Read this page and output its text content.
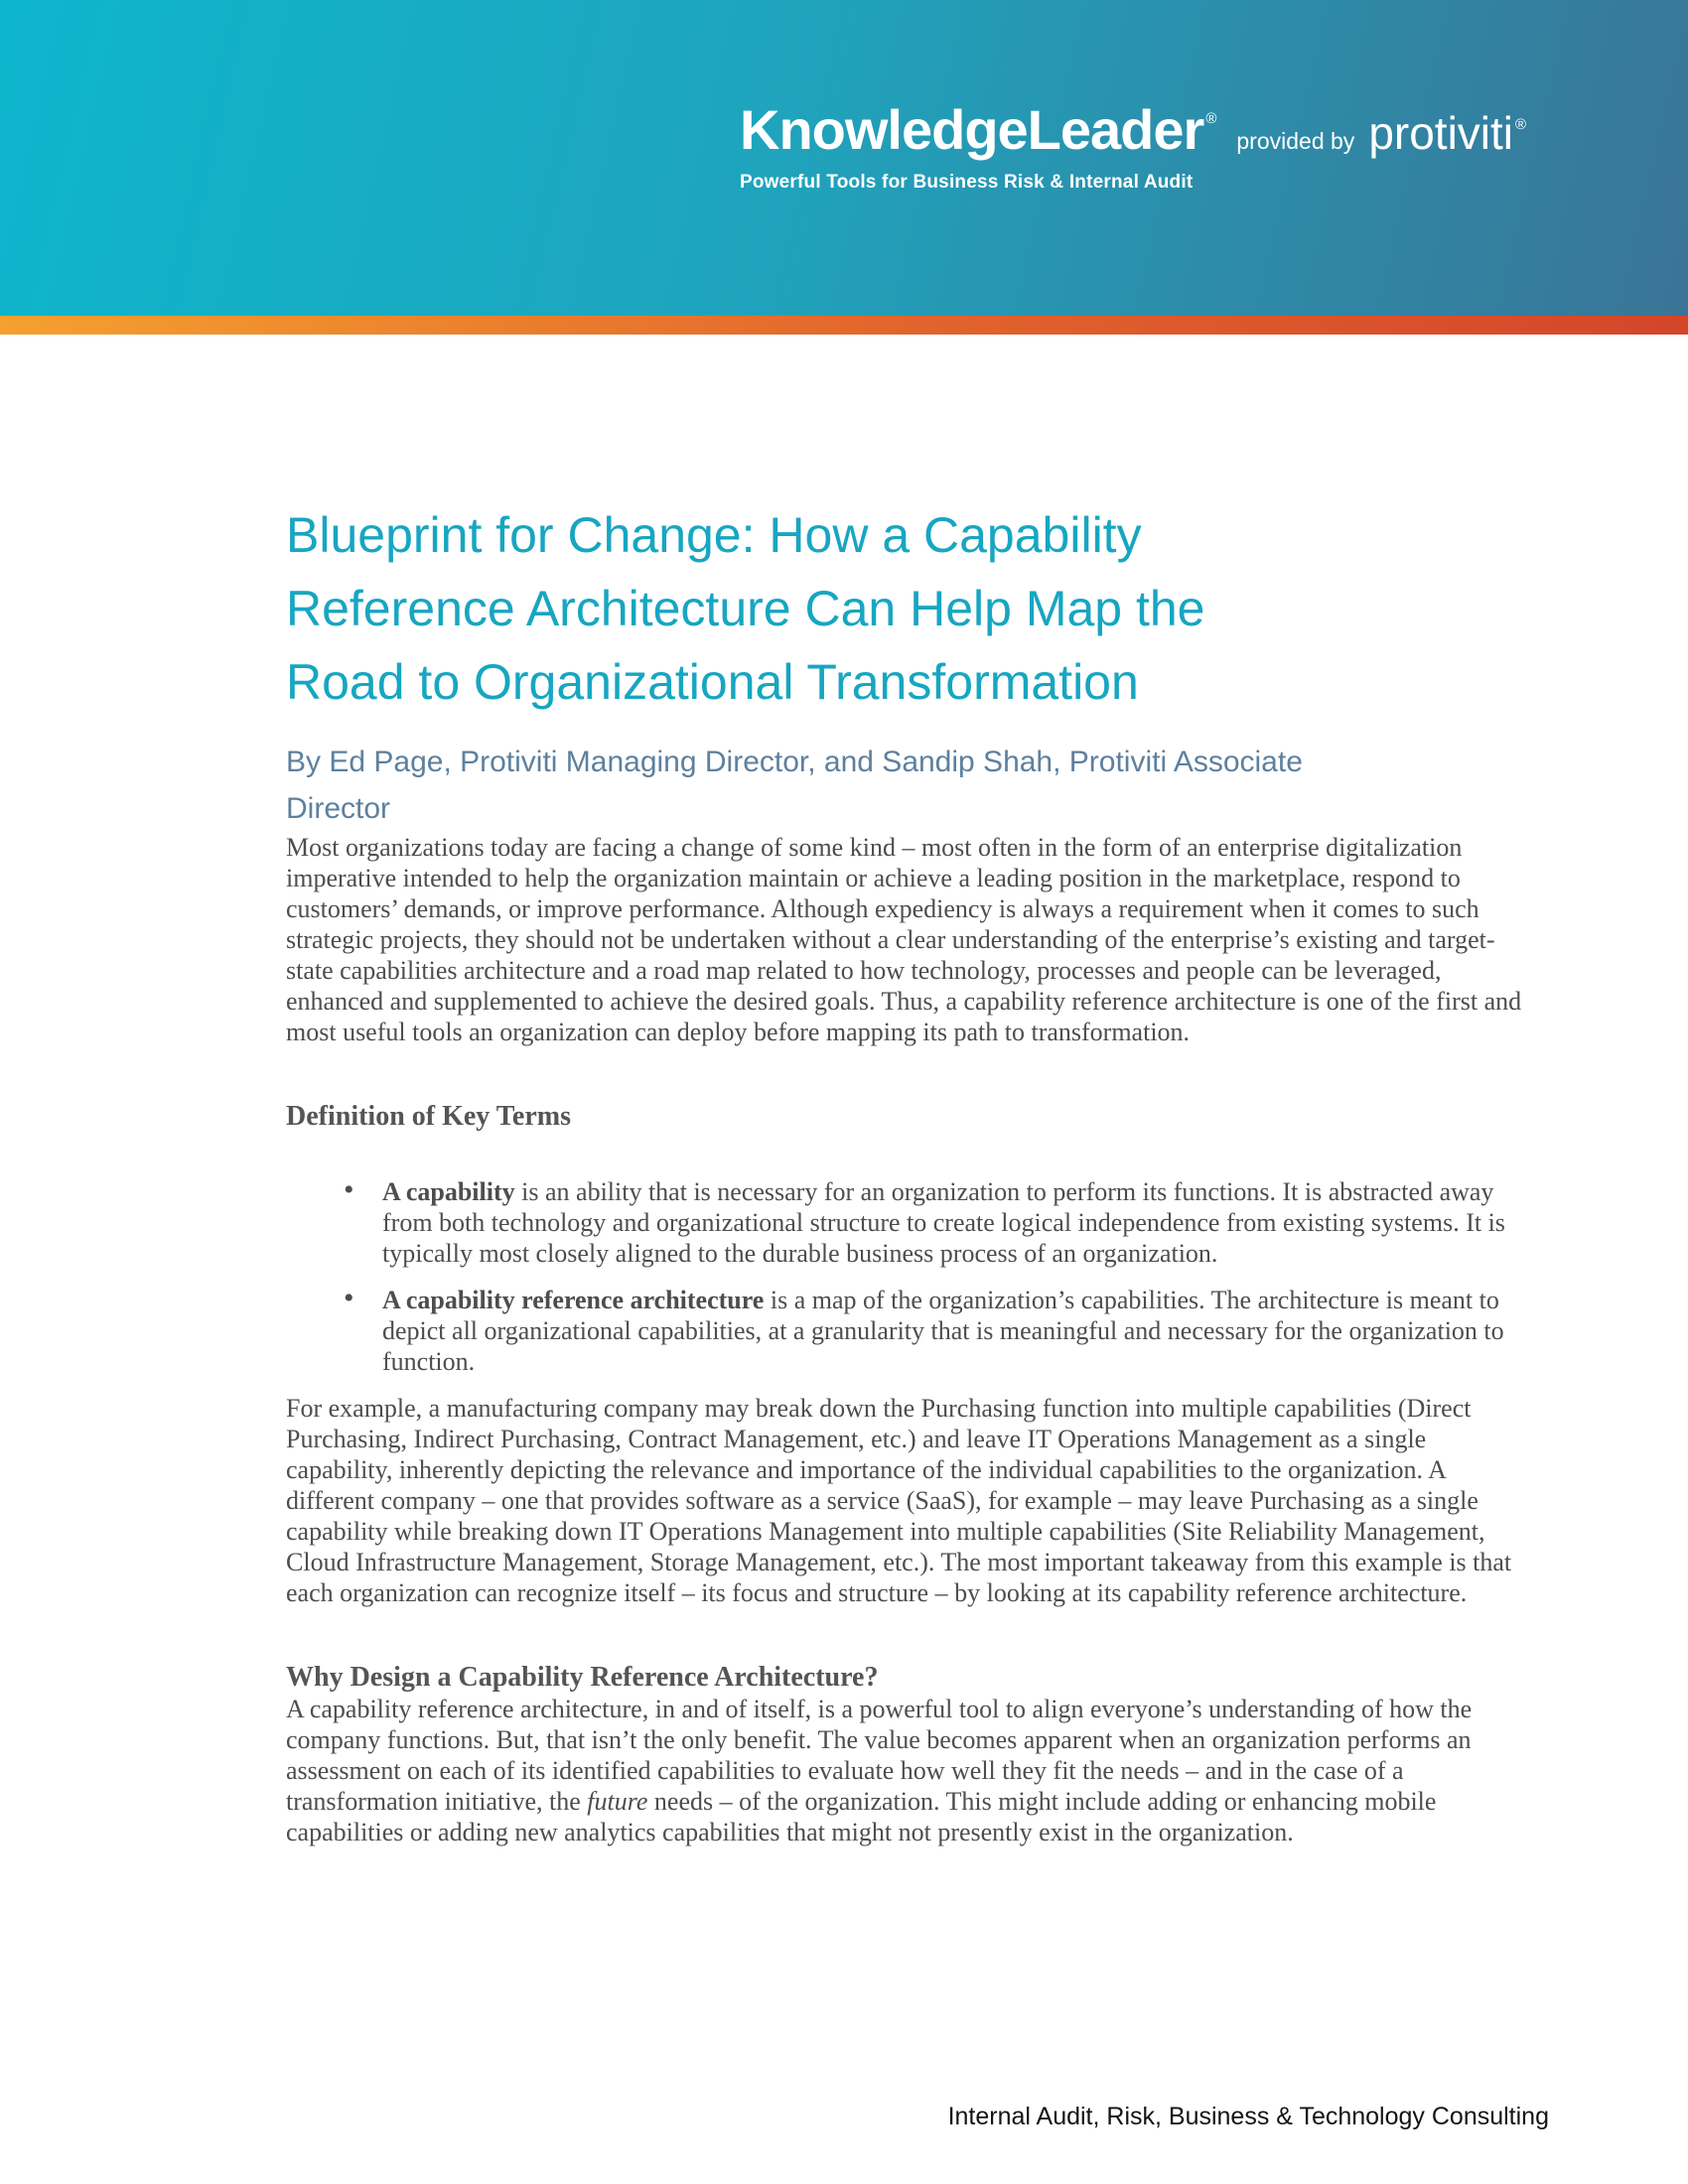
KnowledgeLeader ®
provided by protiviti ®
Powerful Tools for Business Risk & Internal Audit
Blueprint for Change: How a Capability
Reference Architecture Can Help Map the
Road to Organizational Transformation
By Ed Page, Protiviti Managing Director, and Sandip Shah, Protiviti Associate
Director

Most organizations today are facing a change of some kind – most often in the form of an enterprise digitalization imperative intended to help the organization maintain or achieve a leading position in the marketplace, respond to customers’ demands, or improve performance. Although expediency is always a requirement when it comes to such strategic projects, they should not be undertaken without a clear understanding of the enterprise’s existing and target-state capabilities architecture and a road map related to how technology, processes and people can be leveraged, enhanced and supplemented to achieve the desired goals. Thus, a capability reference architecture is one of the first and most useful tools an organization can deploy before mapping its path to transformation.

Definition of Key Terms
• A capability is an ability that is necessary for an organization to perform its functions. It is abstracted away from both technology and organizational structure to create logical independence from existing systems. It is typically most closely aligned to the durable business process of an organization.
• A capability reference architecture is a map of the organization’s capabilities. The architecture is meant to depict all organizational capabilities, at a granularity that is meaningful and necessary for the organization to function.

For example, a manufacturing company may break down the Purchasing function into multiple capabilities (Direct Purchasing, Indirect Purchasing, Contract Management, etc.) and leave IT Operations Management as a single capability, inherently depicting the relevance and importance of the individual capabilities to the organization. A different company – one that provides software as a service (SaaS), for example – may leave Purchasing as a single capability while breaking down IT Operations Management into multiple capabilities (Site Reliability Management, Cloud Infrastructure Management, Storage Management, etc.). The most important takeaway from this example is that each organization can recognize itself – its focus and structure – by looking at its capability reference architecture.

Why Design a Capability Reference Architecture?

A capability reference architecture, in and of itself, is a powerful tool to align everyone’s understanding of how the company functions. But, that isn’t the only benefit. The value becomes apparent when an organization performs an assessment on each of its identified capabilities to evaluate how well they fit the needs – and in the case of a transformation initiative, the future needs – of the organization. This might include adding or enhancing mobile capabilities or adding new analytics capabilities that might not presently exist in the organization.

Internal Audit, Risk, Business & Technology Consulting
